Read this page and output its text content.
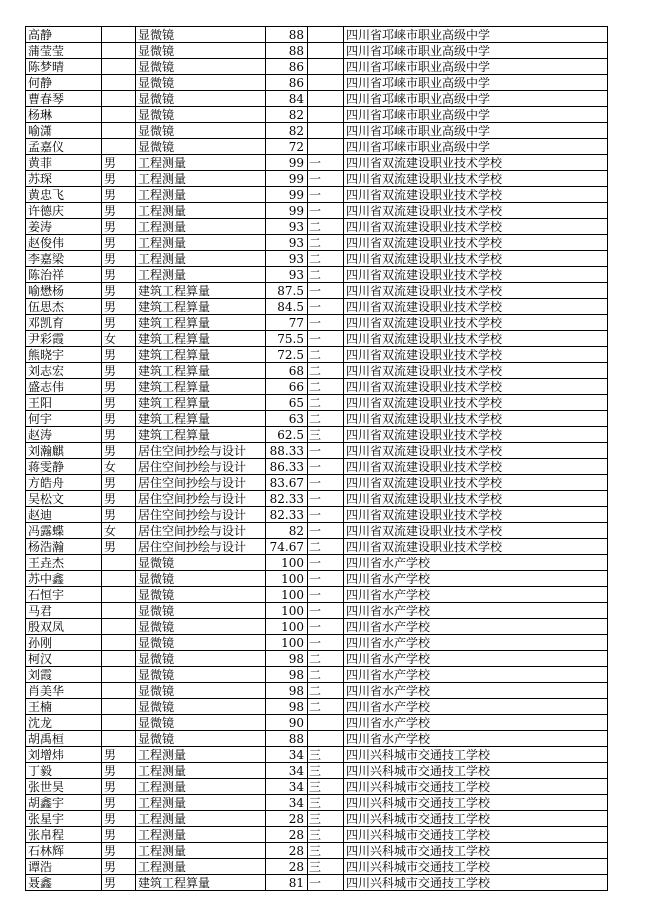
高静		显微镜	88		四川省邛崃市职业高级中学
蒲莹莹		显微镜	88		四川省邛崃市职业高级中学
陈梦晴		显微镜	86		四川省邛崃市职业高级中学
何静		显微镜	86		四川省邛崃市职业高级中学
曹春琴		显微镜	84		四川省邛崃市职业高级中学
杨琳		显微镜	82		四川省邛崃市职业高级中学
喻潇		显微镜	82		四川省邛崃市职业高级中学
孟嘉仪		显微镜	72		四川省邛崃市职业高级中学
黄菲	男	工程测量	99	一	四川省双流建设职业技术学校
苏琛	男	工程测量	99	一	四川省双流建设职业技术学校
黄忠飞	男	工程测量	99	一	四川省双流建设职业技术学校
许德庆	男	工程测量	99	一	四川省双流建设职业技术学校
姜涛	男	工程测量	93	二	四川省双流建设职业技术学校
赵俊伟	男	工程测量	93	二	四川省双流建设职业技术学校
李嘉梁	男	工程测量	93	二	四川省双流建设职业技术学校
陈治祥	男	工程测量	93	二	四川省双流建设职业技术学校
喻懋杨	男	建筑工程算量	87.5	一	四川省双流建设职业技术学校
伍思杰	男	建筑工程算量	84.5	一	四川省双流建设职业技术学校
邓凯育	男	建筑工程算量	77	一	四川省双流建设职业技术学校
尹彩霞	女	建筑工程算量	75.5	一	四川省双流建设职业技术学校
熊晓宇	男	建筑工程算量	72.5	二	四川省双流建设职业技术学校
刘志宏	男	建筑工程算量	68	二	四川省双流建设职业技术学校
盛志伟	男	建筑工程算量	66	二	四川省双流建设职业技术学校
王阳	男	建筑工程算量	65	二	四川省双流建设职业技术学校
何宇	男	建筑工程算量	63	二	四川省双流建设职业技术学校
赵涛	男	建筑工程算量	62.5	三	四川省双流建设职业技术学校
刘瀚麒	男	居住空间抄绘与设计	88.33	一	四川省双流建设职业技术学校
蒋雯静	女	居住空间抄绘与设计	86.33	一	四川省双流建设职业技术学校
方皓舟	男	居住空间抄绘与设计	83.67	一	四川省双流建设职业技术学校
吴松文	男	居住空间抄绘与设计	82.33	一	四川省双流建设职业技术学校
赵迪	男	居住空间抄绘与设计	82.33	一	四川省双流建设职业技术学校
冯露蝶	女	居住空间抄绘与设计	82	一	四川省双流建设职业技术学校
杨浩瀚	男	居住空间抄绘与设计	74.67	二	四川省双流建设职业技术学校
王垚杰		显微镜	100	一	四川省水产学校
苏中鑫		显微镜	100	一	四川省水产学校
石恒宇		显微镜	100	一	四川省水产学校
马君		显微镜	100	一	四川省水产学校
殷双凤		显微镜	100	一	四川省水产学校
孙刚		显微镜	100	一	四川省水产学校
柯汉		显微镜	98	二	四川省水产学校
刘霞		显微镜	98	二	四川省水产学校
肖美华		显微镜	98	二	四川省水产学校
王楠		显微镜	98	二	四川省水产学校
沈龙		显微镜	90		四川省水产学校
胡禹桓		显微镜	88		四川省水产学校
刘增炜	男	工程测量	34	三	四川兴科城市交通技工学校
丁毅	男	工程测量	34	三	四川兴科城市交通技工学校
张世昊	男	工程测量	34	三	四川兴科城市交通技工学校
胡鑫宇	男	工程测量	34	三	四川兴科城市交通技工学校
张星宇	男	工程测量	28	三	四川兴科城市交通技工学校
张帛程	男	工程测量	28	三	四川兴科城市交通技工学校
石林辉	男	工程测量	28	三	四川兴科城市交通技工学校
谭浩	男	工程测量	28	三	四川兴科城市交通技工学校
聂鑫	男	建筑工程算量	81	一	四川兴科城市交通技工学校
